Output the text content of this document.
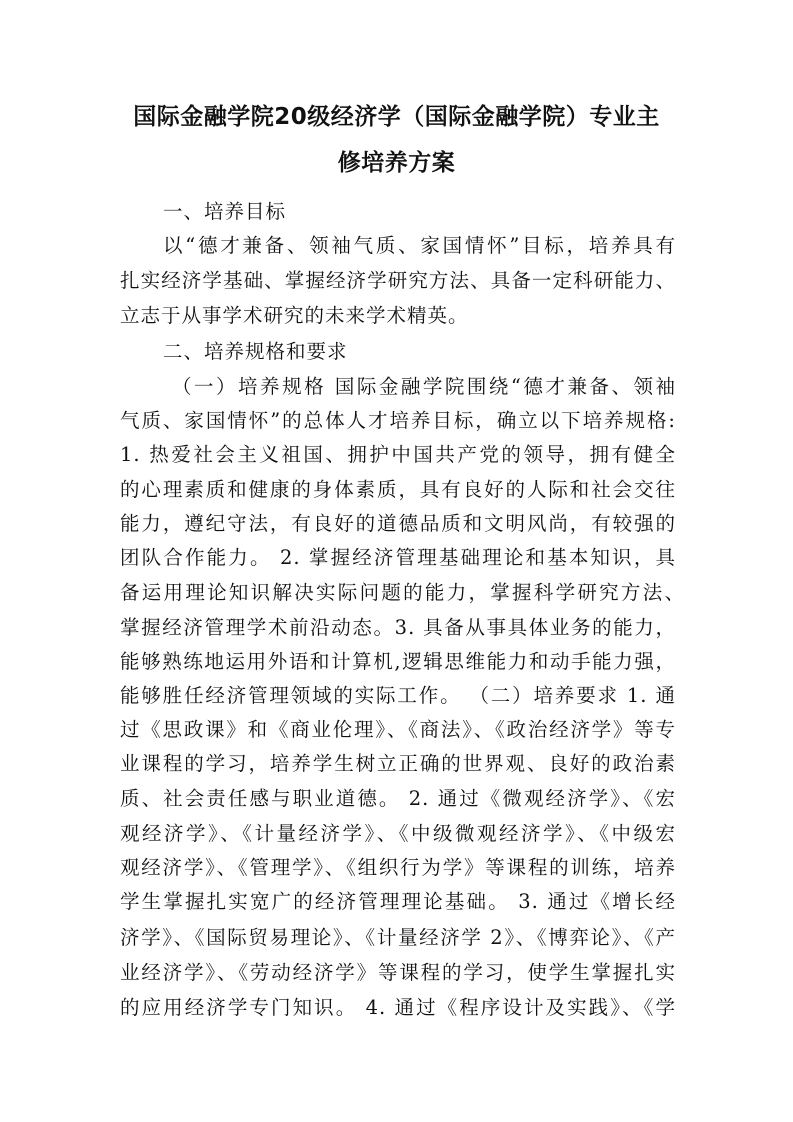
国际金融学院20级经济学（国际金融学院）专业主
修培养方案
一、培养目标
以“德才兼备、领袖气质、家国情怀”目标，培养具有
扎实经济学基础、掌握经济学研究方法、具备一定科研能力、
立志于从事学术研究的未来学术精英。
二、培养规格和要求
（一）培养规格 国际金融学院围绕“德才兼备、领袖
气质、家国情怀”的总体人才培养目标，确立以下培养规格:
1. 热爱社会主义祖国、拥护中国共产党的领导，拥有健全
的心理素质和健康的身体素质，具有良好的人际和社会交往
能力，遵纪守法，有良好的道德品质和文明风尚，有较强的
团队合作能力。 2. 掌握经济管理基础理论和基本知识，具
备运用理论知识解决实际问题的能力，掌握科学研究方法、
掌握经济管理学术前沿动态。3. 具备从事具体业务的能力，
能够熟练地运用外语和计算机,逻辑思维能力和动手能力强，
能够胜任经济管理领域的实际工作。 （二）培养要求 1. 通
过《思政课》和《商业伦理》、《商法》、《政治经济学》等专
业课程的学习，培养学生树立正确的世界观、良好的政治素
质、社会责任感与职业道德。 2. 通过《微观经济学》、《宏
观经济学》、《计量经济学》、《中级微观经济学》、《中级宏
观经济学》、《管理学》、《组织行为学》等课程的训练，培养
学生掌握扎实宽广的经济管理理论基础。 3. 通过《增长经
济学》、《国际贸易理论》、《计量经济学 2》、《博弈论》、《产
业经济学》、《劳动经济学》等课程的学习，使学生掌握扎实
的应用经济学专门知识。 4. 通过《程序设计及实践》、《学
